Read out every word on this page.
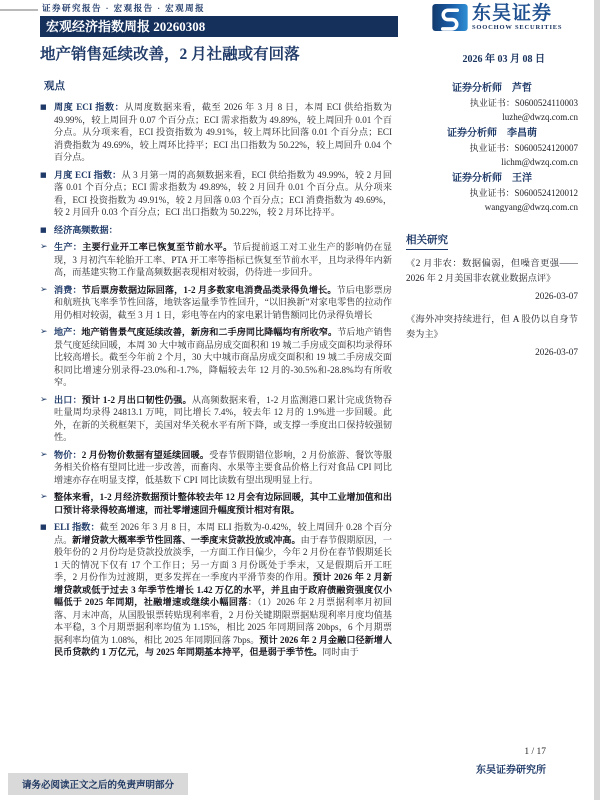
证券研究报告 · 宏观报告 · 宏观周报
宏观经济指数周报 20260308
地产销售延续改善，2 月社融或有回落
东吴证券
SOOCHOW SECURITIES
2026 年 03 月 08 日
观点
■ 周度 ECI 指数：从周度数据来看，截至 2026 年 3 月 8 日，本周 ECI 供给指数为 49.99%，较上周回升 0.07 个百分点；ECI 需求指数为 49.89%，较上周回升 0.01 个百分点。从分项来看，ECI 投资指数为 49.91%，较上周环比回落 0.01 个百分点；ECI 消费指数为 49.69%，较上周环比持平；ECI 出口指数为 50.22%，较上周回升 0.04 个百分点。
■ 月度 ECI 指数：从 3 月第一周的高频数据来看，ECI 供给指数为 49.99%，较 2 月回落 0.01 个百分点；ECI 需求指数为 49.89%，较 2 月回升 0.01 个百分点。从分项来看，ECI 投资指数为 49.91%，较 2 月回落 0.03 个百分点；ECI 消费指数为 49.69%，较 2 月回升 0.03 个百分点；ECI 出口指数为 50.22%，较 2 月环比持平。
■ 经济高频数据：
➢ 生产：主要行业开工率已恢复至节前水平。节后提前返工对工业生产的影响仍在显现，3 月初汽车轮胎开工率、PTA 开工率等指标已恢复至节前水平，且均录得年内新高，而基建实物工作量高频数据表现相对较弱，仍待进一步回升。
➢ 消费：节后票房数据边际回落，1-2 月多数家电消费品类录得负增长。节后电影票房和航班执飞率季节性回落，地铁客运量季节性回升，“以旧换新”对家电零售的拉动作用仍相对较弱，截至 3 月 1 日，彩电等在内的家电累计销售额同比仍录得负增长
➢ 地产：地产销售景气度延续改善，新房和二手房同比降幅均有所收窄。节后地产销售景气度延续回暖，本周 30 大中城市商品房成交面积和 19 城二手房成交面积均录得环比较高增长。截至今年前 2 个月，30 大中城市商品房成交面积和 19 城二手房成交面积同比增速分别录得-23.0%和-1.7%，降幅较去年 12 月的-30.5%和-28.8%均有所收窄。
➢ 出口：预计 1-2 月出口韧性仍强。从高频数据来看，1-2 月监测港口累计完成货物吞吐量周均录得 24813.1 万吨，同比增长 7.4%，较去年 12 月的 1.9%进一步回暖。此外，在新的关税框架下，美国对华关税水平有所下降，或支撑一季度出口保持较强韧性。
➢ 物价：2 月份物价数据有望延续回暖。受春节假期错位影响，2 月份旅游、餐饮等服务相关价格有望同比进一步改善，而畜肉、水果等主要食品价格上行对食品 CPI 同比增速亦存在明显支撑，低基数下 CPI 同比读数有望出现明显上行。
➢ 整体来看，1-2 月经济数据预计整体较去年 12 月会有边际回暖，其中工业增加值和出口预计将录得较高增速，而社零增速回升幅度预计相对有限。
■ ELI 指数：截至 2026 年 3 月 8 日，本周 ELI 指数为-0.42%，较上周回升 0.28 个百分点。新增贷款大概率季节性回落、一季度末贷款投放或冲高。由于春节假期原因，一般年份的 2 月份均是贷款投放淡季，一方面工作日偏少，今年 2 月份在春节假期延长 1 天的情况下仅有 17 个工作日；另一方面 3 月份既处于季末，又是假期后开工旺季，2 月份作为过渡期，更多发挥在一季度内平滑节奏的作用。预计 2026 年 2 月新增贷款或低于过去 3 年季节性增长 1.42 万亿的水平，并且由于政府债融资强度仅小幅低于 2025 年同期，社融增速或继续小幅回落：（1）2026 年 2 月票据利率月初回落、月末冲高，从国股银票转贴现利率看，2 月份关键期限票据贴现利率月度均值基本平稳，3 个月期票据利率均值为 1.15%，相比 2025 年同期回落 20bps，6 个月期票据利率均值为 1.08%，相比 2025 年同期回落 7bps。预计 2026 年 2 月金融口径新增人民币贷款约 1 万亿元，与 2025 年同期基本持平，但是弱于季节性。同时由于
证券分析师 芦哲
执业证书：S0600524110003
luzhe@dwzq.com.cn
证券分析师 李昌萌
执业证书：S0600524120007
lichm@dwzq.com.cn
证券分析师 王洋
执业证书：S0600524120012
wangyang@dwzq.com.cn
相关研究
《2 月非农：数据偏弱，但噪音更强——2026 年 2 月美国非农就业数据点评》
2026-03-07
《海外冲突持续进行，但 A 股仍以自身节奏为主》
2026-03-07
1 / 17
东吴证券研究所
请务必阅读正文之后的免责声明部分
